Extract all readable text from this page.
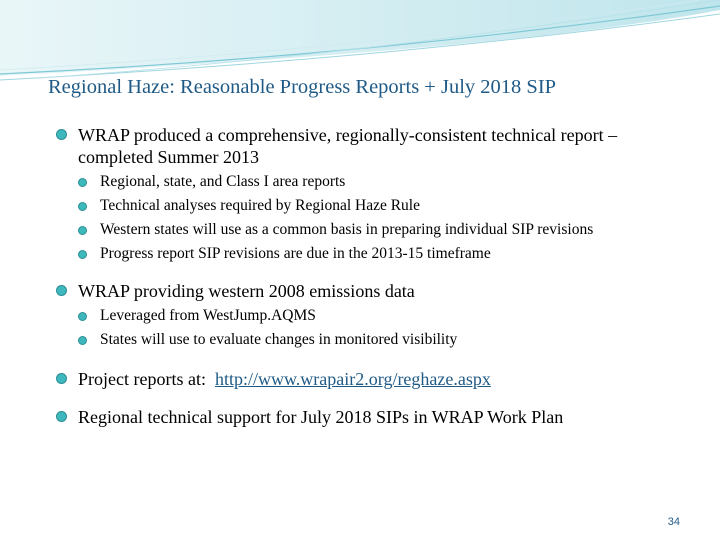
Regional Haze: Reasonable Progress Reports + July 2018 SIP
WRAP produced a comprehensive, regionally-consistent technical report – completed Summer 2013
Regional, state, and Class I area reports
Technical analyses required by Regional Haze Rule
Western states will use as a common basis in preparing individual SIP revisions
Progress report SIP revisions are due in the 2013-15 timeframe
WRAP providing western 2008 emissions data
Leveraged from WestJump.AQMS
States will use to evaluate changes in monitored visibility
Project reports at: http://www.wrapair2.org/reghaze.aspx
Regional technical support for July 2018 SIPs in WRAP Work Plan
34
